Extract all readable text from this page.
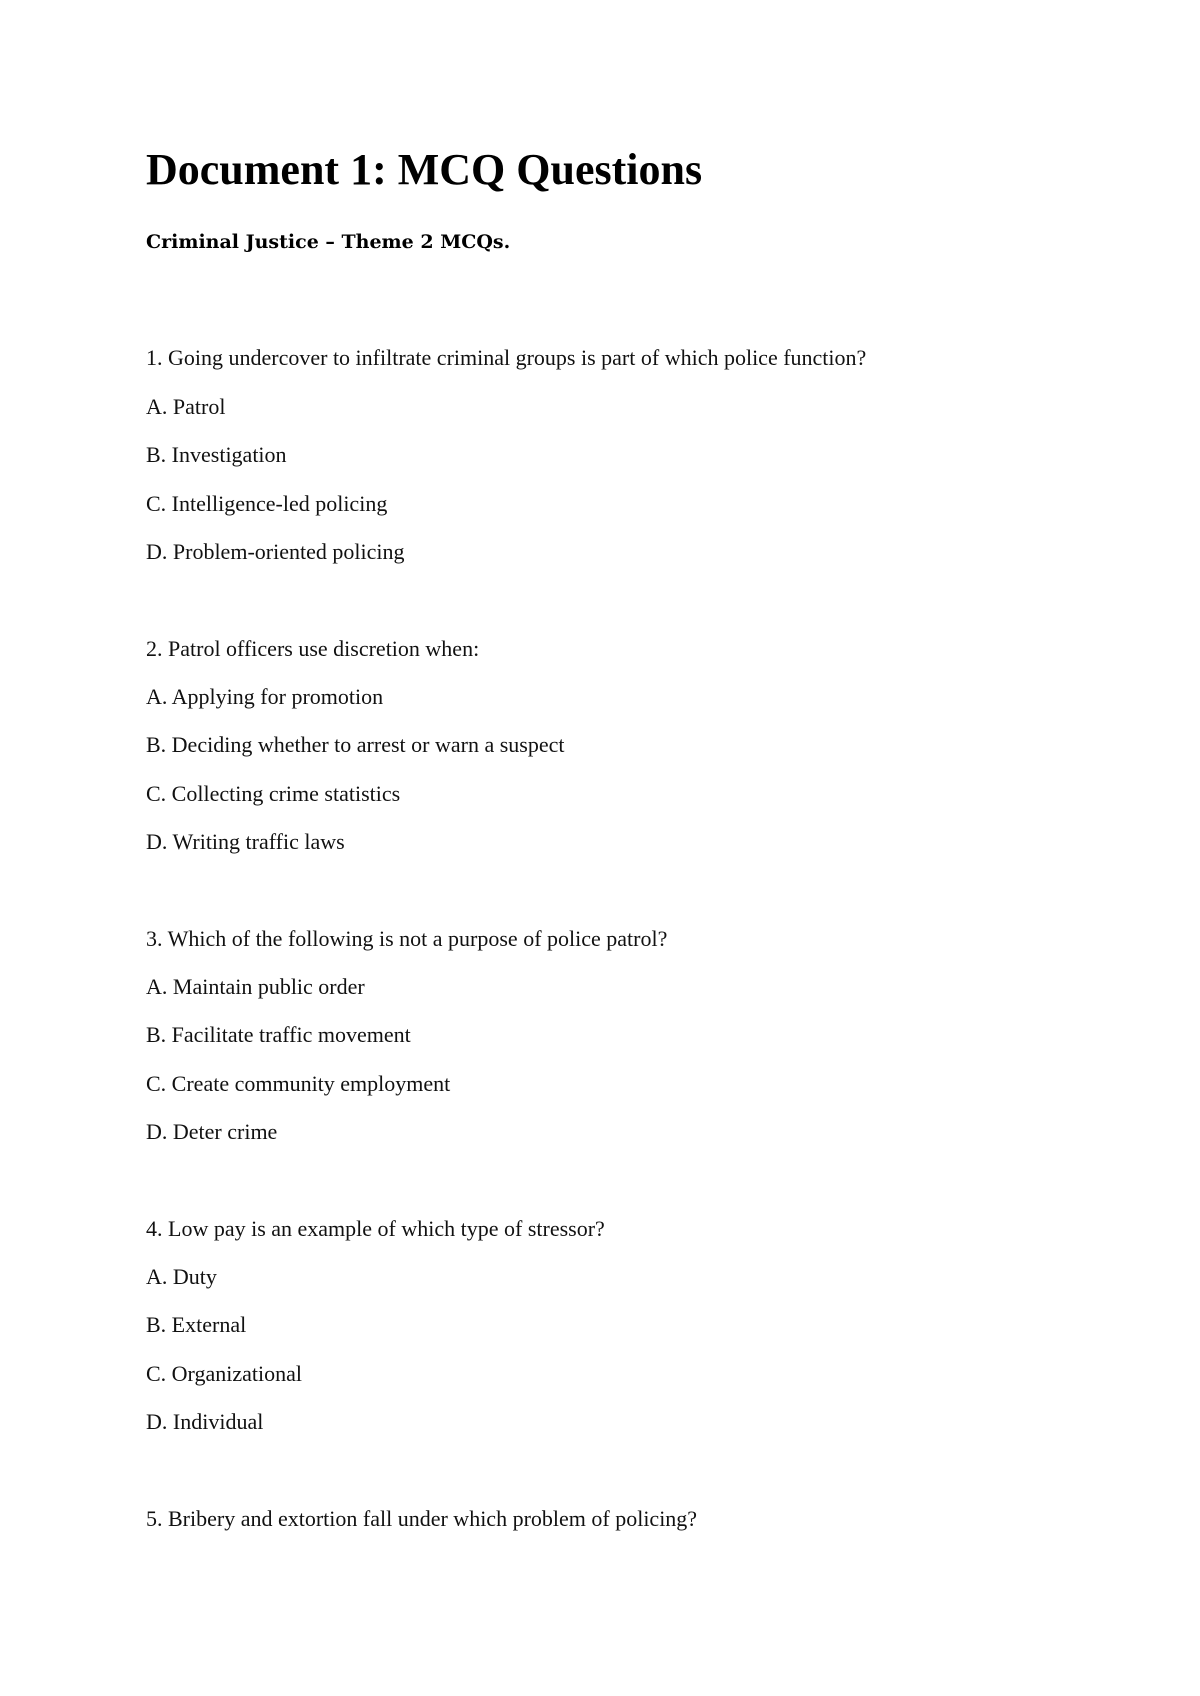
Document 1: MCQ Questions

Criminal Justice – Theme 2 MCQs.

1. Going undercover to infiltrate criminal groups is part of which police function?

A. Patrol

B. Investigation

C. Intelligence-led policing

D. Problem-oriented policing

2. Patrol officers use discretion when:

A. Applying for promotion

B. Deciding whether to arrest or warn a suspect

C. Collecting crime statistics

D. Writing traffic laws

3. Which of the following is not a purpose of police patrol?

A. Maintain public order

B. Facilitate traffic movement

C. Create community employment

D. Deter crime

4. Low pay is an example of which type of stressor?

A. Duty

B. External

C. Organizational

D. Individual

5. Bribery and extortion fall under which problem of policing?
